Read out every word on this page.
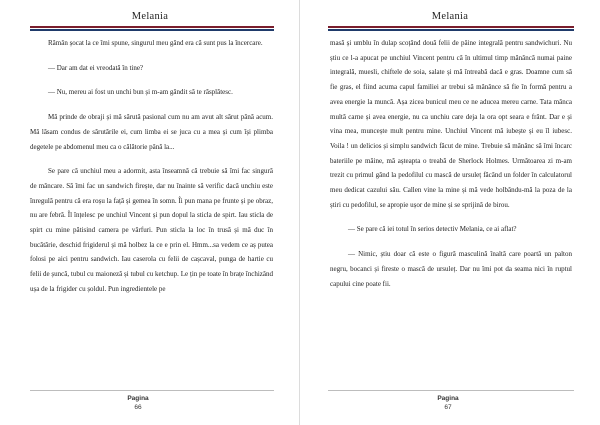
Melania

Rămân șocat la ce îmi spune, singurul meu gând era că sunt pus la încercare.

— Dar am dat ei vreodată în tine?

— Nu, mereu ai fost un unchi bun și m-am gândit să te răsplătesc.

Mă prinde de obraji și mă sărută pasional cum nu am avut alt sărut până acum. Mă lăsam condus de sărutările ei, cum limba ei se juca cu a mea și cum își plimba degetele pe abdomenul meu ca o călătorie până la...

Se pare că unchiul meu a adormit, asta înseamnă că trebuie să îmi fac singură de mâncare. Să îmi fac un sandwich firește, dar nu înainte să verific dacă unchiu este înregulă pentru că era roșu la față și gemea în somn. Îi pun mana pe frunte și pe obraz, nu are febră. Îl înțelesc pe unchiul Vincent și pun dopul la sticla de spirt. Iau sticla de spirt cu mine pătisind camera pe vârfuri. Pun sticla la loc în trusă și mă duc în bucătărie, deschid frigiderul și mă holbez la ce e prin el. Hmm...sa vedem ce aș putea folosi pe aici pentru sandwich. Iau caserola cu felii de cașcaval, punga de hartie cu felii de șuncă, tubul cu maioneză și tubul cu ketchup. Le țin pe toate în brațe închizând ușa de la frigider cu șoldul. Pun ingredientele pe

Pagina
66
Melania

masă și umblu în dulap scoțând două felii de pâine integrală pentru sandwichuri. Nu știu ce l-a apucat pe unchiul Vincent pentru că în ultimul timp mănâncă numai paine integrală, muesli, chiftele de soia, salate și mă întreabă dacă e gras. Doamne cum să fie gras, el fiind acuma capul familiei ar trebui să mănânce să fie în formă pentru a avea energie la muncă. Așa zicea bunicul meu ce ne aducea mereu carne. Tata mânca multă carne și avea energie, nu ca unchiu care deja la ora opt seara e frânt. Dar e și vina mea, muncește mult pentru mine. Unchiul Vincent mă iubește și eu îl iubesc. Voila ! un delicios și simplu sandwich făcut de mine. Trebuie să mănânc să îmi încarc bateriile pe mâine, mă așteapta o treabă de Sherlock Holmes. Următoarea zi m-am trezit cu primul gând la pedofilul cu mască de ursuleț făcând un folder în calculatorul meu dedicat cazului său. Callen vine la mine și mă vede holbându-mă la poza de la știri cu pedofilul, se apropie ușor de mine și se sprijină de birou.

— Se pare că iei totul în serios detectiv Melania, ce ai aflat?

— Nimic, știu doar că este o figură masculină înaltă care poartă un palton negru, bocanci și fireste o mască de ursuleț. Dar nu îmi pot da seama nici în ruptul capului cine poate fii.

Pagina
67
